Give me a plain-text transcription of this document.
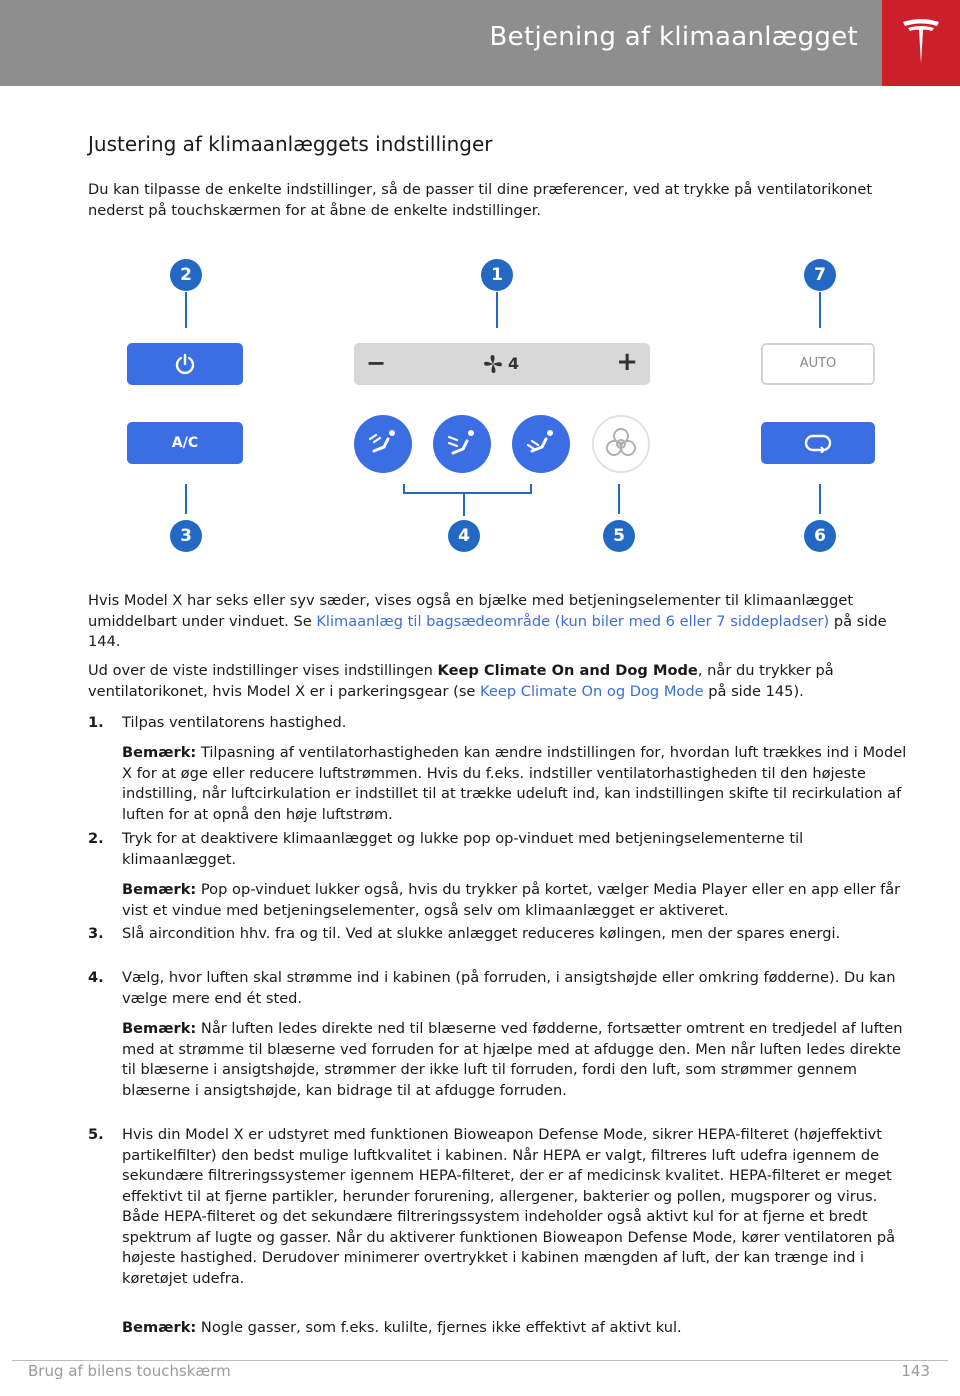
Betjening af klimaanlægget
Justering af klimaanlæggets indstillinger

Du kan tilpasse de enkelte indstillinger, så de passer til dine præferencer, ved at trykke på ventilatorikonet nederst på touchskærmen for at åbne de enkelte indstillinger.

2	1	7
−	4	+	AUTO
A/C
3	4	5	6

Hvis Model X har seks eller syv sæder, vises også en bjælke med betjeningselementer til klimaanlægget umiddelbart under vinduet. Se Klimaanlæg til bagsædeområde (kun biler med 6 eller 7 siddepladser) på side 144.

Ud over de viste indstillinger vises indstillingen Keep Climate On and Dog Mode, når du trykker på ventilatorikonet, hvis Model X er i parkeringsgear (se Keep Climate On og Dog Mode på side 145).

1. Tilpas ventilatorens hastighed.
Bemærk: Tilpasning af ventilatorhastigheden kan ændre indstillingen for, hvordan luft trækkes ind i Model X for at øge eller reducere luftstrømmen. Hvis du f.eks. indstiller ventilatorhastigheden til den højeste indstilling, når luftcirkulation er indstillet til at trække udeluft ind, kan indstillingen skifte til recirkulation af luften for at opnå den høje luftstrøm.
2. Tryk for at deaktivere klimaanlægget og lukke pop op-vinduet med betjeningselementerne til klimaanlægget.
Bemærk: Pop op-vinduet lukker også, hvis du trykker på kortet, vælger Media Player eller en app eller får vist et vindue med betjeningselementer, også selv om klimaanlægget er aktiveret.
3. Slå aircondition hhv. fra og til. Ved at slukke anlægget reduceres kølingen, men der spares energi.
4. Vælg, hvor luften skal strømme ind i kabinen (på forruden, i ansigtshøjde eller omkring fødderne). Du kan vælge mere end ét sted.
Bemærk: Når luften ledes direkte ned til blæserne ved fødderne, fortsætter omtrent en tredjedel af luften med at strømme til blæserne ved forruden for at hjælpe med at afdugge den. Men når luften ledes direkte til blæserne i ansigtshøjde, strømmer der ikke luft til forruden, fordi den luft, som strømmer gennem blæserne i ansigtshøjde, kan bidrage til at afdugge forruden.
5. Hvis din Model X er udstyret med funktionen Bioweapon Defense Mode, sikrer HEPA-filteret (højeffektivt partikelfilter) den bedst mulige luftkvalitet i kabinen. Når HEPA er valgt, filtreres luft udefra igennem de sekundære filtreringssystemer igennem HEPA-filteret, der er af medicinsk kvalitet. HEPA-filteret er meget effektivt til at fjerne partikler, herunder forurening, allergener, bakterier og pollen, mugsporer og virus. Både HEPA-filteret og det sekundære filtreringssystem indeholder også aktivt kul for at fjerne et bredt spektrum af lugte og gasser. Når du aktiverer funktionen Bioweapon Defense Mode, kører ventilatoren på højeste hastighed. Derudover minimerer overtrykket i kabinen mængden af luft, der kan trænge ind i køretøjet udefra.
Bemærk: Nogle gasser, som f.eks. kulilte, fjernes ikke effektivt af aktivt kul.
Brug af bilens touchskærm	143
